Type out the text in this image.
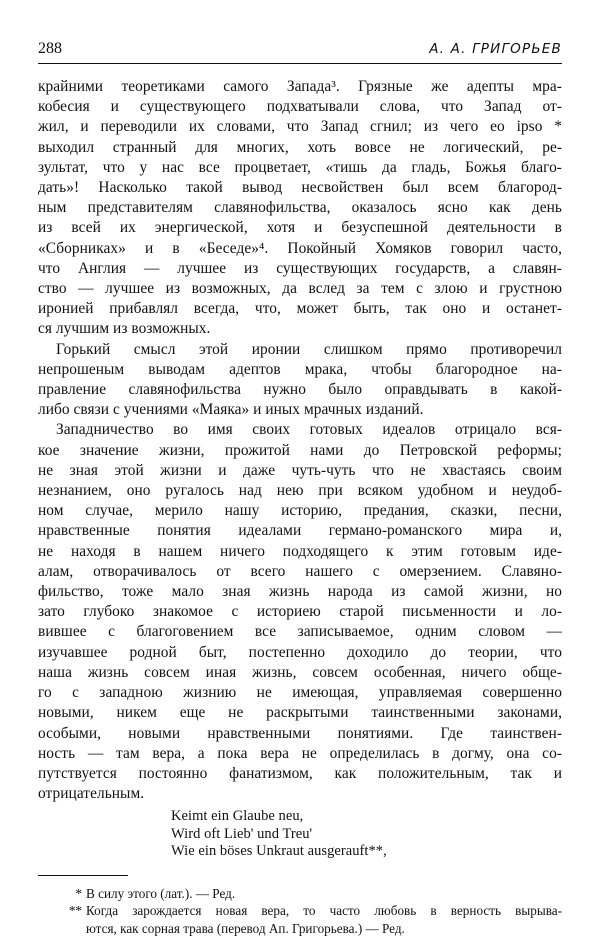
288	А. А. ГРИГОРЬЕВ

крайними теоретиками самого Запада³. Грязные же адепты мра-
кобесия и существующего подхватывали слова, что Запад от-
жил, и переводили их словами, что Запад сгнил; из чего eo ipso *
выходил странный для многих, хоть вовсе не логический, ре-
зультат, что у нас все процветает, «тишь да гладь, Божья благо-
дать»! Насколько такой вывод несвойствен был всем благород-
ным представителям славянофильства, оказалось ясно как день
из всей их энергической, хотя и безуспешной деятельности в
«Сборниках» и в «Беседе»⁴. Покойный Хомяков говорил часто,
что Англия — лучшее из существующих государств, а славян-
ство — лучшее из возможных, да вслед за тем с злою и грустною
иронией прибавлял всегда, что, может быть, так оно и останет-
ся лучшим из возможных.

Горький смысл этой иронии слишком прямо противоречил
непрошеным выводам адептов мрака, чтобы благородное на-
правление славянофильства нужно было оправдывать в какой-
либо связи с учениями «Маяка» и иных мрачных изданий.

Западничество во имя своих готовых идеалов отрицало вся-
кое значение жизни, прожитой нами до Петровской реформы;
не зная этой жизни и даже чуть-чуть что не хвастаясь своим
незнанием, оно ругалось над нею при всяком удобном и неудоб-
ном случае, мерило нашу историю, предания, сказки, песни,
нравственные понятия идеалами германо-романского мира и,
не находя в нашем ничего подходящего к этим готовым иде-
алам, отворачивалось от всего нашего с омерзением. Славяно-
фильство, тоже мало зная жизнь народа из самой жизни, но
зато глубоко знакомое с историею старой письменности и ло-
вившее с благоговением все записываемое, одним словом —
изучавшее родной быт, постепенно доходило до теории, что
наша жизнь совсем иная жизнь, совсем особенная, ничего обще-
го с западною жизнию не имеющая, управляемая совершенно
новыми, никем еще не раскрытыми таинственными законами,
особыми, новыми нравственными понятиями. Где таинствен-
ность — там вера, а пока вера не определилась в догму, она со-
путствуется постоянно фанатизмом, как положительным, так и
отрицательным.

Keimt ein Glaube neu,
Wird oft Lieb' und Treu'
Wie ein böses Unkraut ausgerauft**,
* В силу этого (лат.). — Ред.
** Когда зарождается новая вера, то часто любовь в верность вырыва-
ются, как сорная трава (перевод Ап. Григорьева.) — Ред.
